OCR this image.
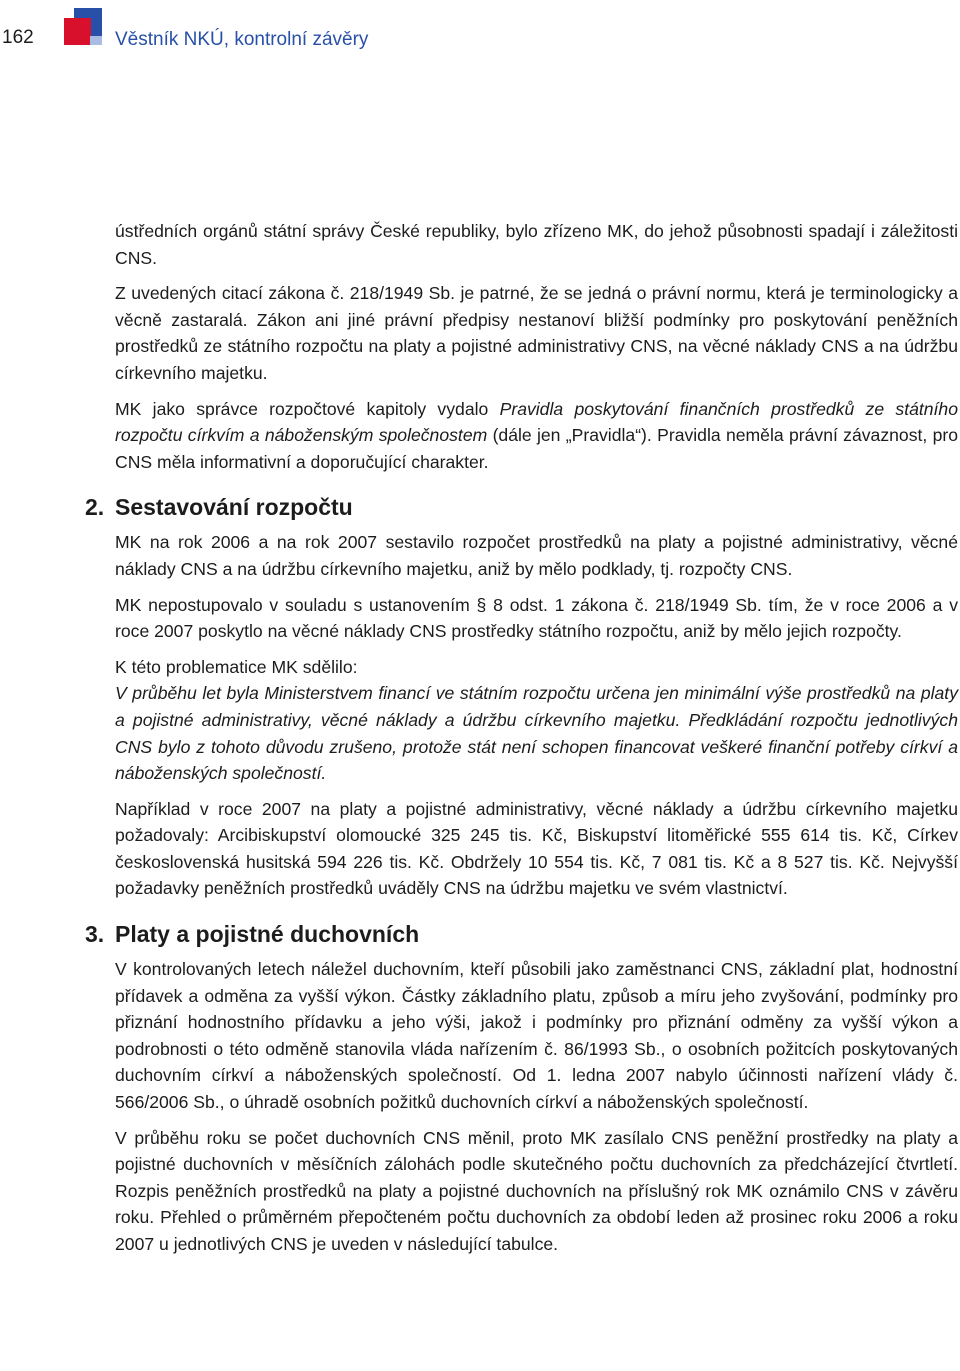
162	Věstník NKÚ, kontrolní závěry

ústředních orgánů státní správy České republiky, bylo zřízeno MK, do jehož působnosti spadají i záležitosti CNS.

Z uvedených citací zákona č. 218/1949 Sb. je patrné, že se jedná o právní normu, která je terminologicky a věcně zastaralá. Zákon ani jiné právní předpisy nestanoví bližší podmínky pro poskytování peněžních prostředků ze státního rozpočtu na platy a pojistné administrativy CNS, na věcné náklady CNS a na údržbu církevního majetku.

MK jako správce rozpočtové kapitoly vydalo Pravidla poskytování finančních prostředků ze státního rozpočtu církvím a náboženským společnostem (dále jen „Pravidla“). Pravidla neměla právní závaznost, pro CNS měla informativní a doporučující charakter.

2. Sestavování rozpočtu

MK na rok 2006 a na rok 2007 sestavilo rozpočet prostředků na platy a pojistné administrativy, věcné náklady CNS a na údržbu církevního majetku, aniž by mělo podklady, tj. rozpočty CNS.

MK nepostupovalo v souladu s ustanovením § 8 odst. 1 zákona č. 218/1949 Sb. tím, že v roce 2006 a v roce 2007 poskytlo na věcné náklady CNS prostředky státního rozpočtu, aniž by mělo jejich rozpočty.

K této problematice MK sdělilo:

V průběhu let byla Ministerstvem financí ve státním rozpočtu určena jen minimální výše prostředků na platy a pojistné administrativy, věcné náklady a údržbu církevního majetku. Předkládání rozpočtu jednotlivých CNS bylo z tohoto důvodu zrušeno, protože stát není schopen financovat veškeré finanční potřeby církví a náboženských společností.

Například v roce 2007 na platy a pojistné administrativy, věcné náklady a údržbu církevního majetku požadovaly: Arcibiskupství olomoucké 325 245 tis. Kč, Biskupství litoměřické 555 614 tis. Kč, Církev československá husitská 594 226 tis. Kč. Obdržely 10 554 tis. Kč, 7 081 tis. Kč a 8 527 tis. Kč. Nejvyšší požadavky peněžních prostředků uváděly CNS na údržbu majetku ve svém vlastnictví.

3. Platy a pojistné duchovních

V kontrolovaných letech náležel duchovním, kteří působili jako zaměstnanci CNS, základní plat, hodnostní přídavek a odměna za vyšší výkon. Částky základního platu, způsob a míru jeho zvyšování, podmínky pro přiznání hodnostního přídavku a jeho výši, jakož i podmínky pro přiznání odměny za vyšší výkon a podrobnosti o této odměně stanovila vláda nařízením č. 86/1993 Sb., o osobních požitcích poskytovaných duchovním církví a náboženských společností. Od 1. ledna 2007 nabylo účinnosti nařízení vlády č. 566/2006 Sb., o úhradě osobních požitků duchovních církví a náboženských společností.

V průběhu roku se počet duchovních CNS měnil, proto MK zasílalo CNS peněžní prostředky na platy a pojistné duchovních v měsíčních zálohách podle skutečného počtu duchovních za předcházející čtvrtletí. Rozpis peněžních prostředků na platy a pojistné duchovních na příslušný rok MK oznámilo CNS v závěru roku. Přehled o průměrném přepočteném počtu duchovních za období leden až prosinec roku 2006 a roku 2007 u jednotlivých CNS je uveden v následující tabulce.
